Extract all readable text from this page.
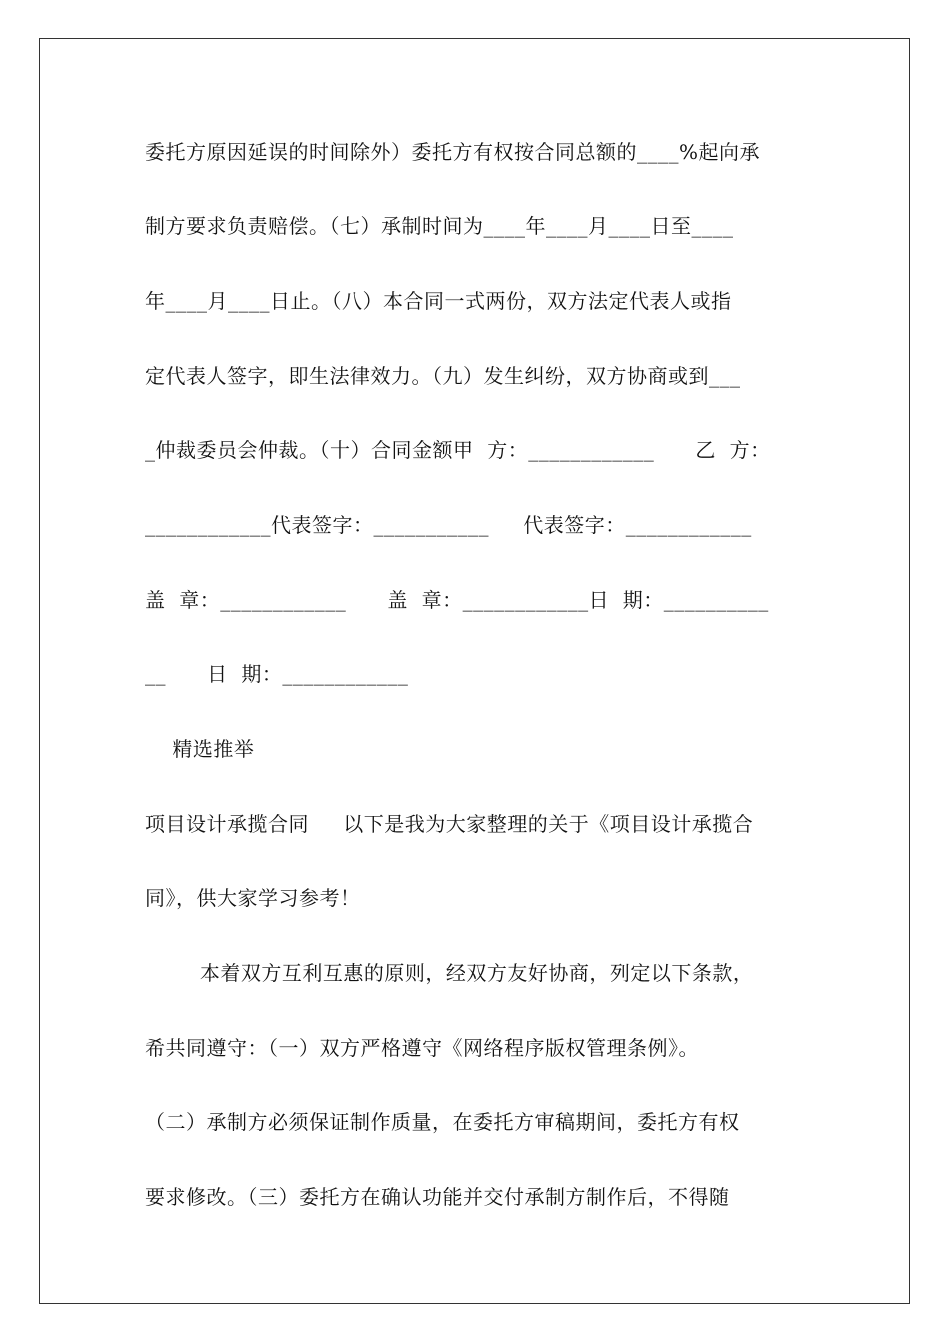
委托方原因延误的时间除外）委托方有权按合同总额的____%起向承
制方要求负责赔偿。（七）承制时间为____年____月____日至____
年____月____日止。（八）本合同一式两份，双方法定代表人或指
定代表人签字，即生法律效力。（九）发生纠纷，双方协商或到___
_仲裁委员会仲裁。（十）合同金额甲  方：____________      乙  方：
____________代表签字：___________     代表签字：____________
盖  章：____________      盖  章：____________日  期：__________
__      日  期：____________
精选推举
项目设计承揽合同     以下是我为大家整理的关于《项目设计承揽合
同》，供大家学习参考！
本着双方互利互惠的原则，经双方友好协商，列定以下条款，
希共同遵守：（一）双方严格遵守《网络程序版权管理条例》。
（二）承制方必须保证制作质量，在委托方审稿期间，委托方有权
要求修改。（三）委托方在确认功能并交付承制方制作后，不得随
